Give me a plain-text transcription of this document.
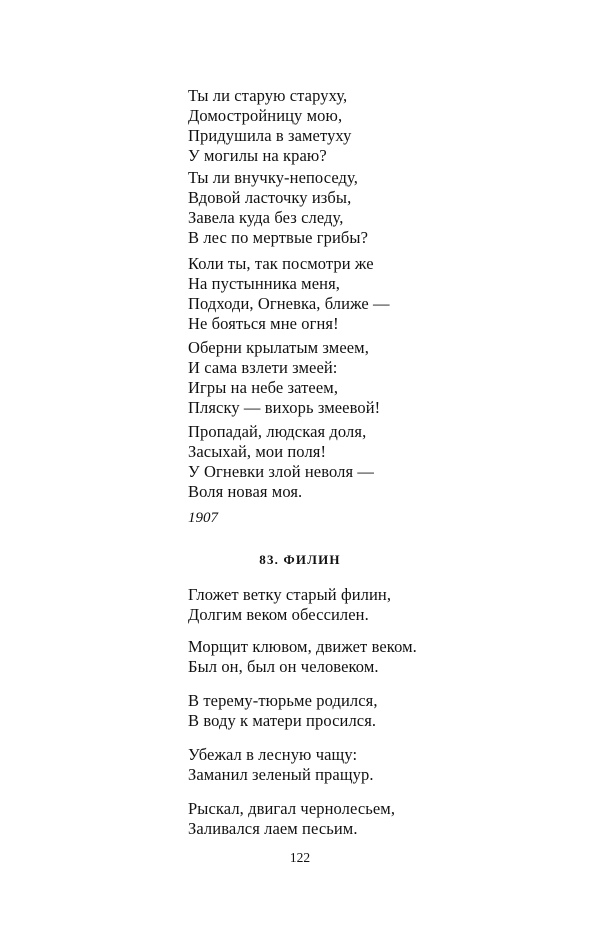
Ты ли старую старуху,
Домостройницу мою,
Придушила в заметуху
У могилы на краю?
Ты ли внучку-непоседу,
Вдовой ласточку избы,
Завела куда без следу,
В лес по мертвые грибы?
Коли ты, так посмотри же
На пустынника меня,
Подходи, Огневка, ближе —
Не бояться мне огня!
Оберни крылатым змеем,
И сама взлети змеей:
Игры на небе затеем,
Пляску — вихорь змеевой!
Пропадай, людская доля,
Засыхай, мои поля!
У Огневки злой неволя —
Воля новая моя.
1907
83. ФИЛИН
Гложет ветку старый филин,
Долгим веком обессилен.
Морщит клювом, движет веком.
Был он, был он человеком.
В терему-тюрьме родился,
В воду к матери просился.
Убежал в лесную чащу:
Заманил зеленый пращур.
Рыскал, двигал чернолесьем,
Заливался лаем песьим.
122
